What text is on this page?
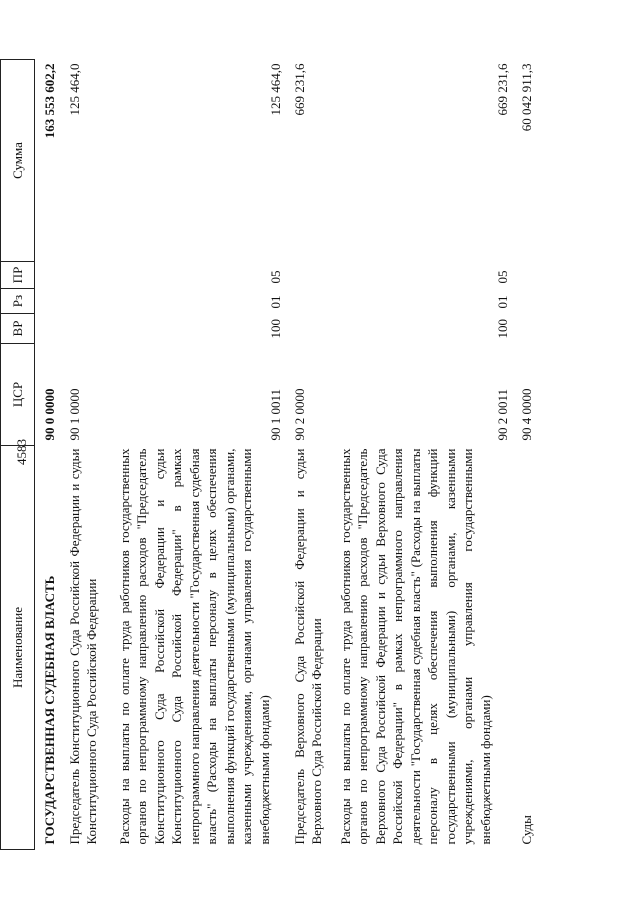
4583
Наименование	ЦСР	ВР	Рз	ПР	Сумма
ГОСУДАРСТВЕННАЯ СУДЕБНАЯ ВЛАСТЬ	90 0 0000				163 553 602,2
Председатель Конституционного Суда Российской Федерации и судьи Конституционного Суда Российской Федерации	90 1 0000				125 464,0
Расходы на выплаты по оплате труда работников государственных органов по непрограммному направлению расходов "Председатель Конституционного Суда Российской Федерации и судьи Конституционного Суда Российской Федерации" в рамках непрограммного направления деятельности "Государственная судебная власть" (Расходы на выплаты персоналу в целях обеспечения выполнения функций государственными (муниципальными) органами, казенными учреждениями, органами управления государственными внебюджетными фондами)	90 1 0011	100	01	05	125 464,0
Председатель Верховного Суда Российской Федерации и судьи Верховного Суда Российской Федерации	90 2 0000				669 231,6
Расходы на выплаты по оплате труда работников государственных органов по непрограммному направлению расходов "Председатель Верховного Суда Российской Федерации и судьи Верховного Суда Российской Федерации" в рамках непрограммного направления деятельности "Государственная судебная власть" (Расходы на выплаты персоналу в целях обеспечения выполнения функций государственными (муниципальными) органами, казенными учреждениями, органами управления государственными внебюджетными фондами)	90 2 0011	100	01	05	669 231,6
Суды	90 4 0000				60 042 911,3
